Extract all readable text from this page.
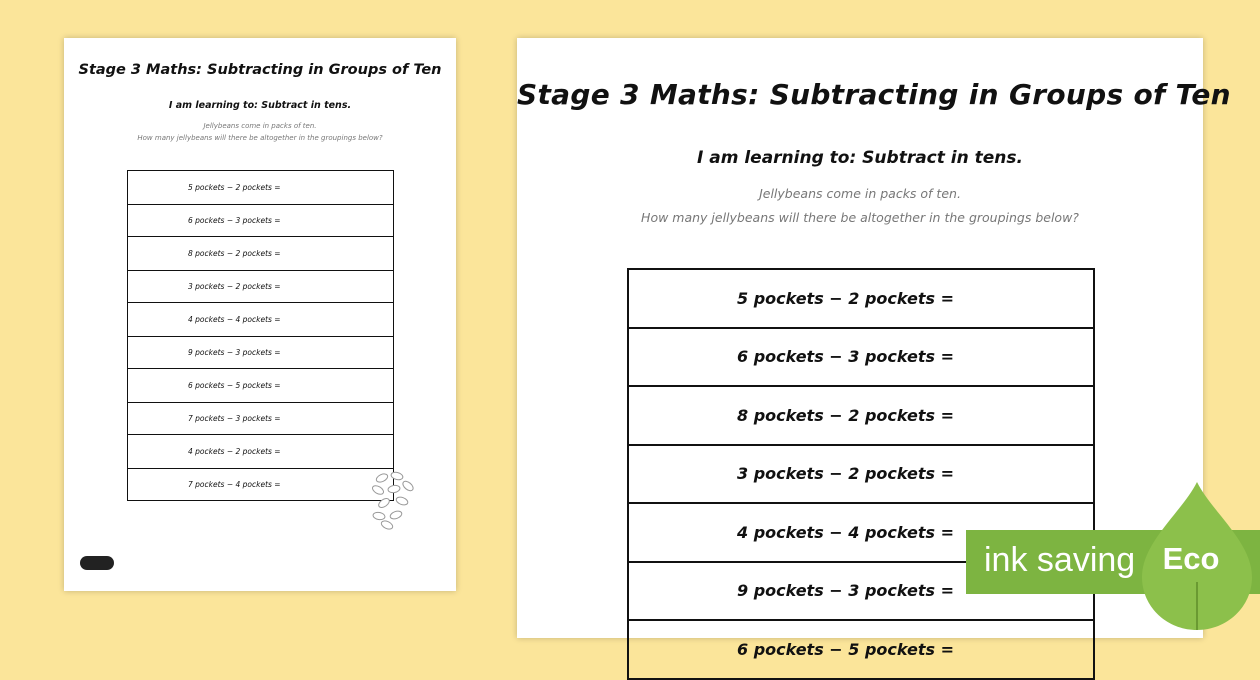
Stage 3 Maths: Subtracting in Groups of Ten
I am learning to: Subtract in tens.
Jellybeans come in packs of ten.
How many jellybeans will there be altogether in the groupings below?
5 pockets − 2 pockets =
6 pockets − 3 pockets =
8 pockets − 2 pockets =
3 pockets − 2 pockets =
4 pockets − 4 pockets =
9 pockets − 3 pockets =
6 pockets − 5 pockets =
7 pockets − 3 pockets =
4 pockets − 2 pockets =
7 pockets − 4 pockets =
Stage 3 Maths: Subtracting in Groups of Ten
I am learning to: Subtract in tens.
Jellybeans come in packs of ten.
How many jellybeans will there be altogether in the groupings below?
5 pockets − 2 pockets =
6 pockets − 3 pockets =
8 pockets − 2 pockets =
3 pockets − 2 pockets =
4 pockets − 4 pockets =
9 pockets − 3 pockets =
6 pockets − 5 pockets =
ink saving Eco
